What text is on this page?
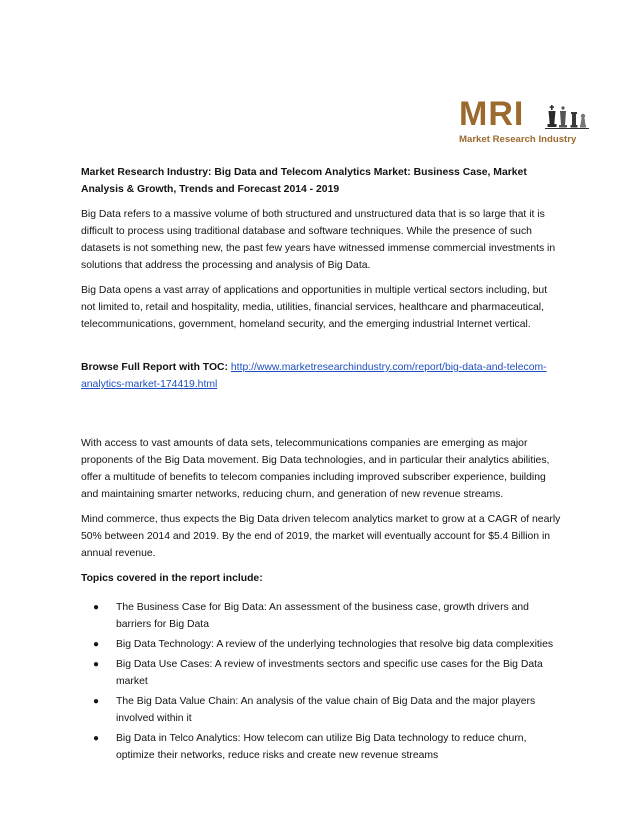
MRI
Market Research Industry
Market Research Industry: Big Data and Telecom Analytics Market: Business Case, Market Analysis & Growth, Trends and Forecast 2014 - 2019

Big Data refers to a massive volume of both structured and unstructured data that is so large that it is difficult to process using traditional database and software techniques. While the presence of such datasets is not something new, the past few years have witnessed immense commercial investments in solutions that address the processing and analysis of Big Data.

Big Data opens a vast array of applications and opportunities in multiple vertical sectors including, but not limited to, retail and hospitality, media, utilities, financial services, healthcare and pharmaceutical, telecommunications, government, homeland security, and the emerging industrial Internet vertical.

Browse Full Report with TOC: http://www.marketresearchindustry.com/report/big-data-and-telecom-analytics-market-174419.html

With access to vast amounts of data sets, telecommunications companies are emerging as major proponents of the Big Data movement. Big Data technologies, and in particular their analytics abilities, offer a multitude of benefits to telecom companies including improved subscriber experience, building and maintaining smarter networks, reducing churn, and generation of new revenue streams.

Mind commerce, thus expects the Big Data driven telecom analytics market to grow at a CAGR of nearly 50% between 2014 and 2019. By the end of 2019, the market will eventually account for $5.4 Billion in annual revenue.

Topics covered in the report include:
● The Business Case for Big Data: An assessment of the business case, growth drivers and barriers for Big Data
● Big Data Technology: A review of the underlying technologies that resolve big data complexities
● Big Data Use Cases: A review of investments sectors and specific use cases for the Big Data market
● The Big Data Value Chain: An analysis of the value chain of Big Data and the major players involved within it
● Big Data in Telco Analytics: How telecom can utilize Big Data technology to reduce churn, optimize their networks, reduce risks and create new revenue streams
